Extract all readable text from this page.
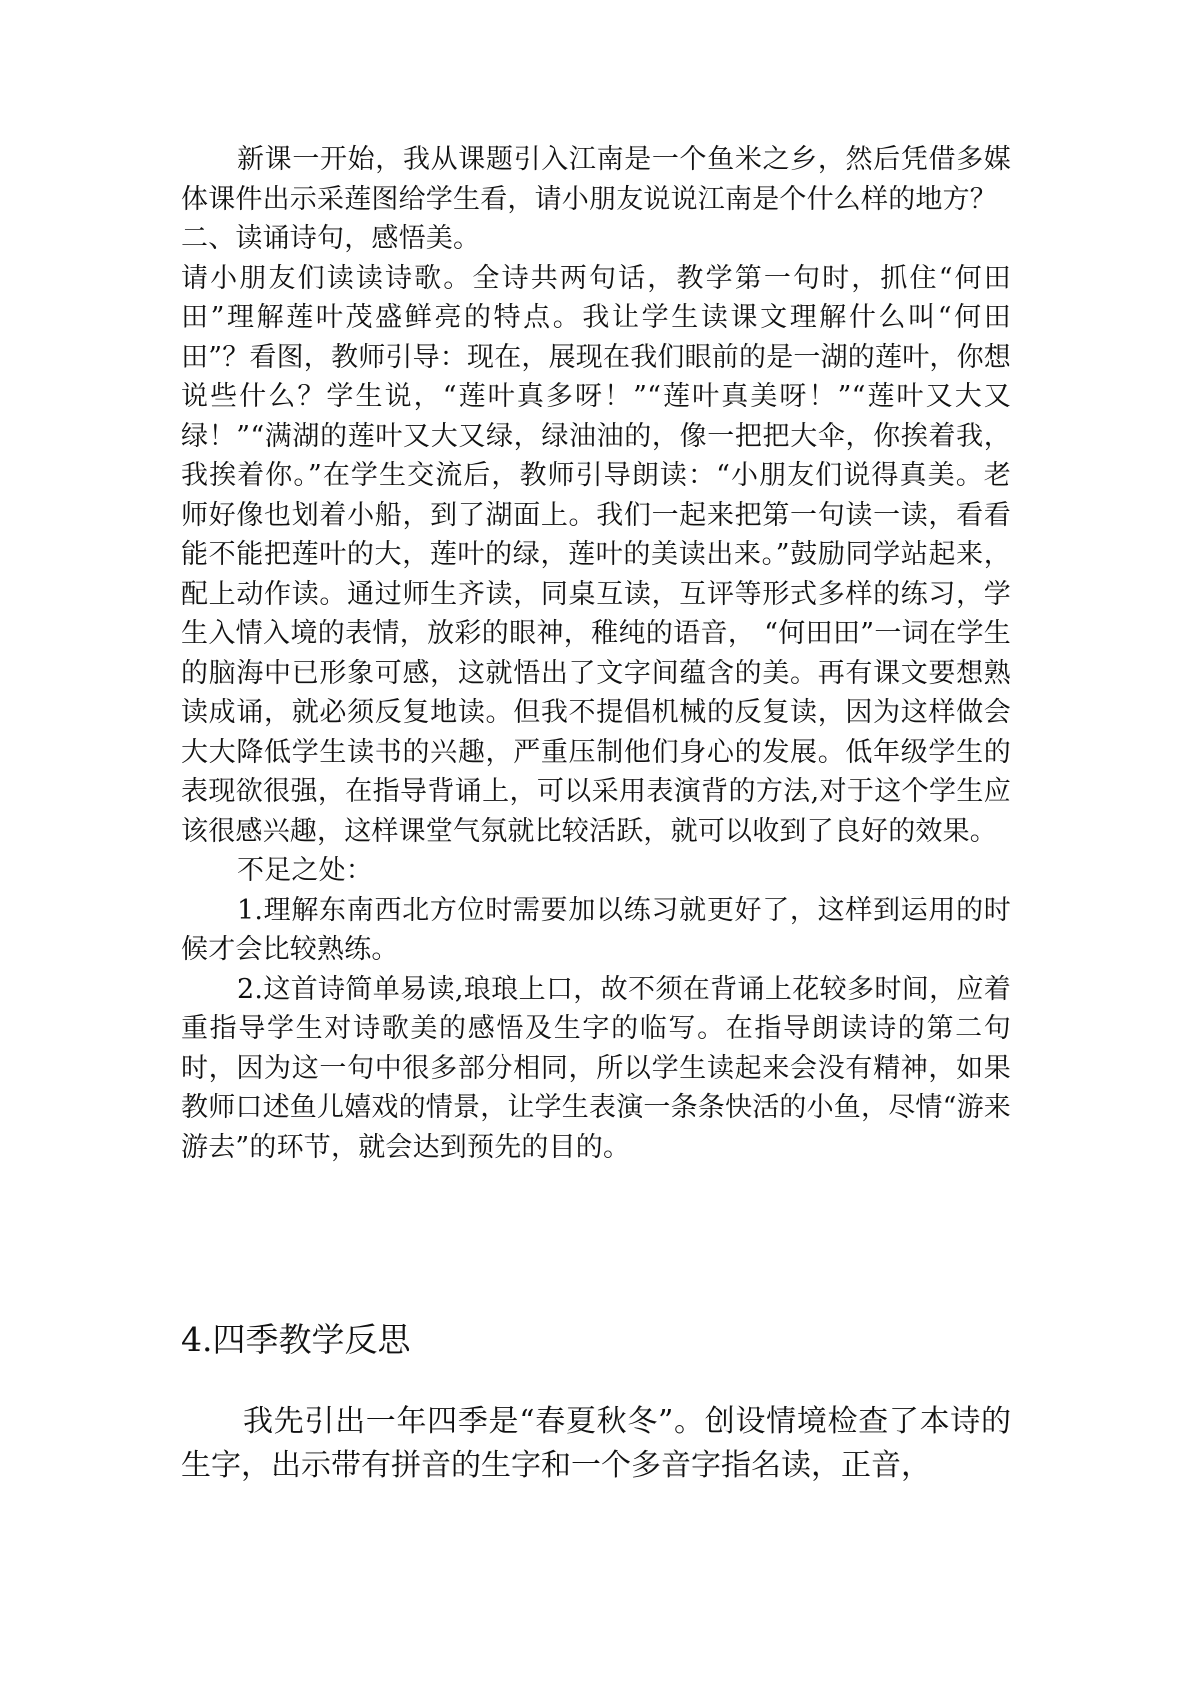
新课一开始，我从课题引入江南是一个鱼米之乡，然后凭借多媒体课件出示采莲图给学生看，请小朋友说说江南是个什么样的地方？

二、读诵诗句，感悟美。

请小朋友们读读诗歌。全诗共两句话，教学第一句时，抓住“何田田”理解莲叶茂盛鲜亮的特点。我让学生读课文理解什么叫“何田田”？看图，教师引导：现在，展现在我们眼前的是一湖的莲叶，你想说些什么？学生说，“莲叶真多呀！”“莲叶真美呀！”“莲叶又大又绿！”“满湖的莲叶又大又绿，绿油油的，像一把把大伞，你挨着我，我挨着你。”在学生交流后，教师引导朗读：“小朋友们说得真美。老师好像也划着小船，到了湖面上。我们一起来把第一句读一读，看看能不能把莲叶的大，莲叶的绿，莲叶的美读出来。”鼓励同学站起来，配上动作读。通过师生齐读，同桌互读，互评等形式多样的练习，学生入情入境的表情，放彩的眼神，稚纯的语音， “何田田”一词在学生的脑海中已形象可感，这就悟出了文字间蕴含的美。再有课文要想熟读成诵，就必须反复地读。但我不提倡机械的反复读，因为这样做会大大降低学生读书的兴趣，严重压制他们身心的发展。低年级学生的表现欲很强，在指导背诵上，可以采用表演背的方法,对于这个学生应该很感兴趣，这样课堂气氛就比较活跃，就可以收到了良好的效果。

不足之处：

1.理解东南西北方位时需要加以练习就更好了，这样到运用的时候才会比较熟练。

2.这首诗简单易读,琅琅上口，故不须在背诵上花较多时间，应着重指导学生对诗歌美的感悟及生字的临写。在指导朗读诗的第二句时，因为这一句中很多部分相同，所以学生读起来会没有精神，如果教师口述鱼儿嬉戏的情景，让学生表演一条条快活的小鱼，尽情“游来游去”的环节，就会达到预先的目的。

4.四季教学反思

我先引出一年四季是“春夏秋冬”。创设情境检查了本诗的生字，出示带有拼音的生字和一个多音字指名读，正音，
